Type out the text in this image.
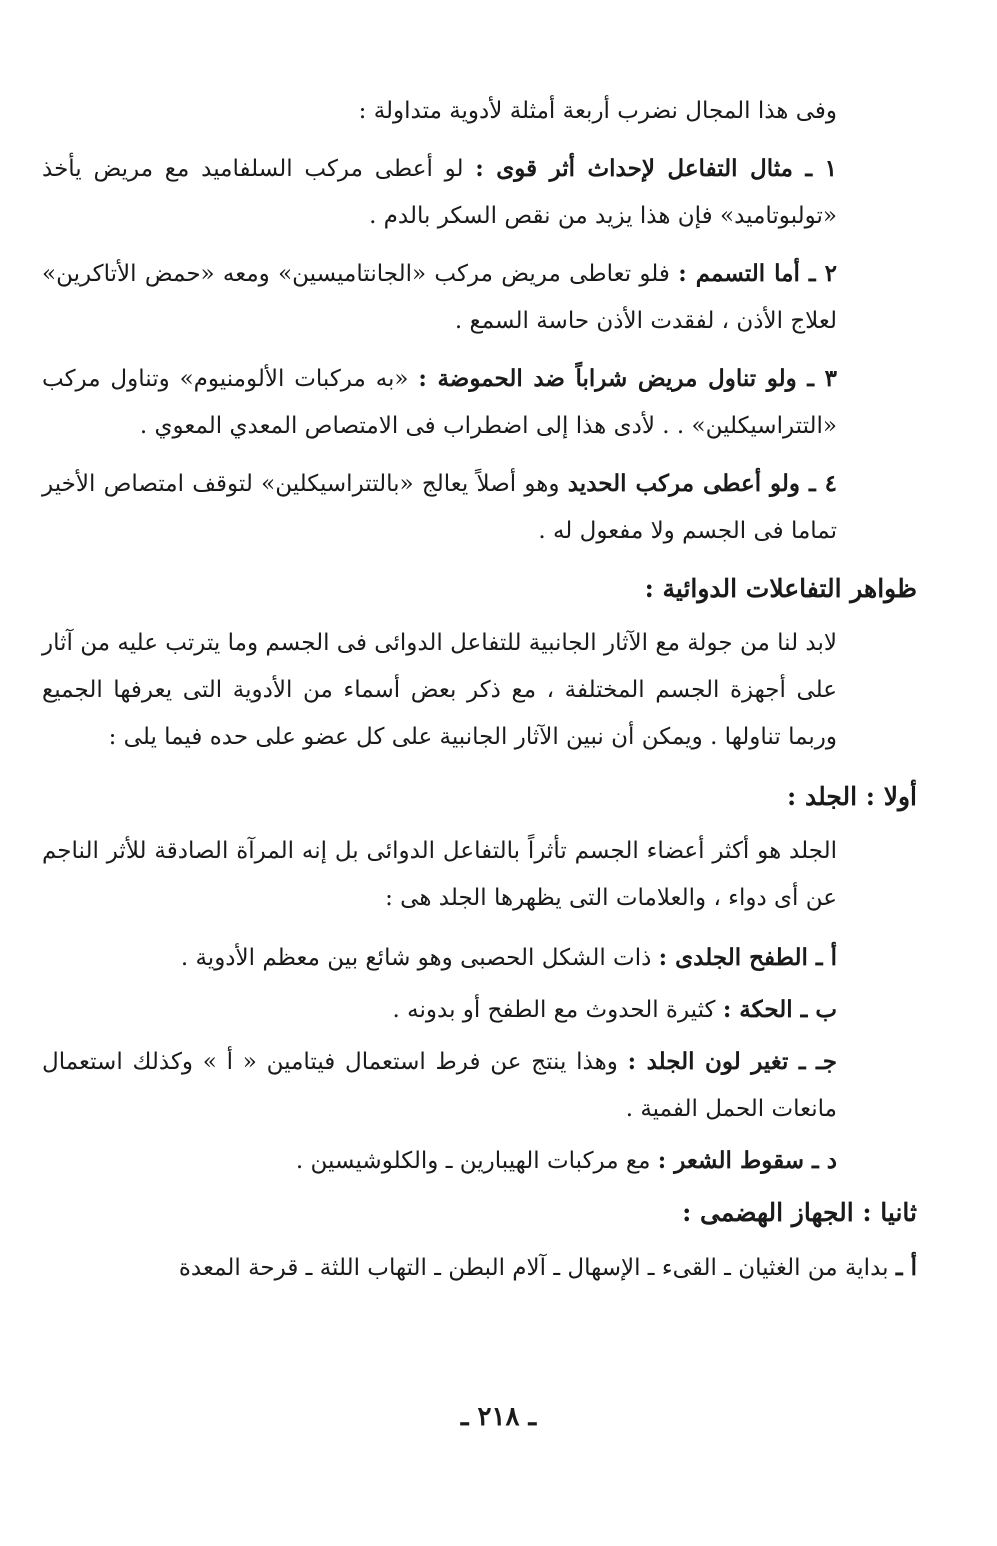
وفى هذا المجال نضرب أربعة أمثلة لأدوية متداولة :

١ ـ مثال التفاعل لإحداث أثر قوى : لو أعطى مركب السلفاميد مع مريض يأخذ «تولبوتاميد» فإن هذا يزيد من نقص السكر بالدم .

٢ ـ أما التسمم : فلو تعاطى مريض مركب «الجانتاميسين» ومعه «حمض الأتاكرين» لعلاج الأذن ، لفقدت الأذن حاسة السمع .

٣ ـ ولو تناول مريض شراباً ضد الحموضة : «به مركبات الألومنيوم» وتناول مركب «التتراسيكلين» . . لأدى هذا إلى اضطراب فى الامتصاص المعدي المعوي .

٤ ـ ولو أعطى مركب الحديد وهو أصلاً يعالج «بالتتراسيكلين» لتوقف امتصاص الأخير تماما فى الجسم ولا مفعول له .

ظواهر التفاعلات الدوائية :

لابد لنا من جولة مع الآثار الجانبية للتفاعل الدوائى فى الجسم وما يترتب عليه من آثار على أجهزة الجسم المختلفة ، مع ذكر بعض أسماء من الأدوية التى يعرفها الجميع وربما تناولها . ويمكن أن نبين الآثار الجانبية على كل عضو على حده فيما يلى :

أولا : الجلد :

الجلد هو أكثر أعضاء الجسم تأثراً بالتفاعل الدوائى بل إنه المرآة الصادقة للأثر الناجم عن أى دواء ، والعلامات التى يظهرها الجلد هى :

أ ـ الطفح الجلدى : ذات الشكل الحصبى وهو شائع بين معظم الأدوية .

ب ـ الحكة : كثيرة الحدوث مع الطفح أو بدونه .

جـ ـ تغير لون الجلد : وهذا ينتج عن فرط استعمال فيتامين « أ » وكذلك استعمال مانعات الحمل الفمية .

د ـ سقوط الشعر : مع مركبات الهيبارين ـ والكلوشيسين .

ثانيا : الجهاز الهضمى :

أ ـ بداية من الغثيان ـ القىء ـ الإسهال ـ آلام البطن ـ التهاب اللثة ـ قرحة المعدة

ـ ٢١٨ ـ
